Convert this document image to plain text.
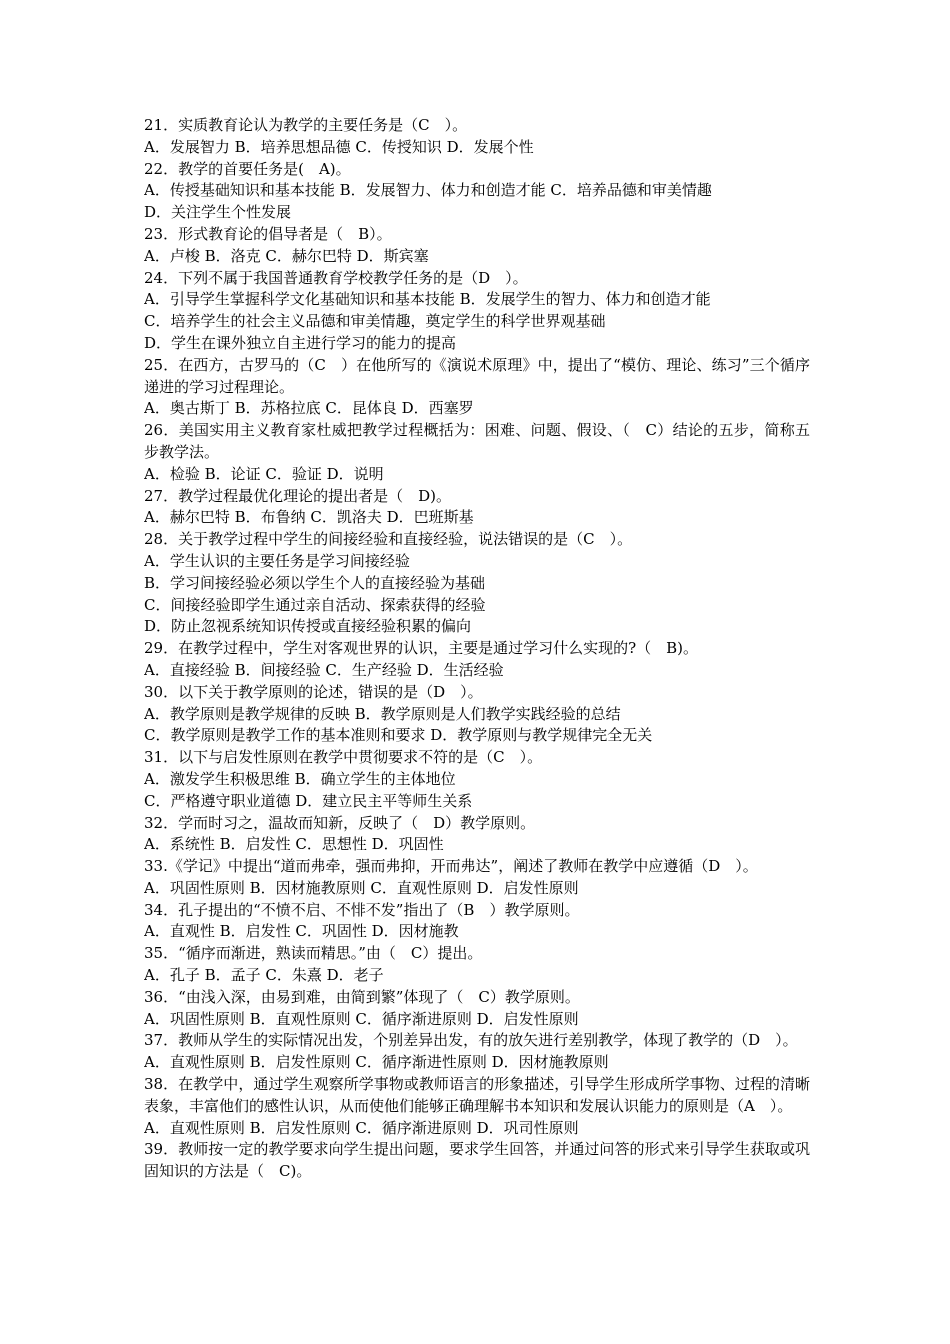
21．实质教育论认为教学的主要任务是（C　）。
A．发展智力 B．培养思想品德 C．传授知识 D．发展个性
22．教学的首要任务是(　A)。
A．传授基础知识和基本技能 B．发展智力、体力和创造才能 C．培养品德和审美情趣
D．关注学生个性发展
23．形式教育论的倡导者是（　B）。
A．卢梭 B．洛克 C．赫尔巴特 D．斯宾塞
24．下列不属于我国普通教育学校教学任务的是（D　）。
A．引导学生掌握科学文化基础知识和基本技能 B．发展学生的智力、体力和创造才能
C．培养学生的社会主义品德和审美情趣，奠定学生的科学世界观基础
D．学生在课外独立自主进行学习的能力的提高
25．在西方，古罗马的（C　）在他所写的《演说术原理》中，提出了“模仿、理论、练习”三个循序递进的学习过程理论。
A．奥古斯丁 B．苏格拉底 C．昆体良 D．西塞罗
26．美国实用主义教育家杜威把教学过程概括为：困难、问题、假设、（　C）结论的五步，简称五步教学法。
A．检验 B．论证 C．验证 D．说明
27．教学过程最优化理论的提出者是（　D)。
A．赫尔巴特 B．布鲁纳 C．凯洛夫 D．巴班斯基
28．关于教学过程中学生的间接经验和直接经验，说法错误的是（C　）。
A．学生认识的主要任务是学习间接经验
B．学习间接经验必须以学生个人的直接经验为基础
C．间接经验即学生通过亲自活动、探索获得的经验
D．防止忽视系统知识传授或直接经验积累的偏向
29．在教学过程中，学生对客观世界的认识，主要是通过学习什么实现的?（　B)。
A．直接经验 B．间接经验 C．生产经验 D．生活经验
30．以下关于教学原则的论述，错误的是（D　）。
A．教学原则是教学规律的反映 B．教学原则是人们教学实践经验的总结
C．教学原则是教学工作的基本准则和要求 D．教学原则与教学规律完全无关
31．以下与启发性原则在教学中贯彻要求不符的是（C　）。
A．激发学生积极思维 B．确立学生的主体地位
C．严格遵守职业道德 D．建立民主平等师生关系
32．学而时习之，温故而知新，反映了（　D）教学原则。
A．系统性 B．启发性 C．思想性 D．巩固性
33.《学记》中提出“道而弗牵，强而弗抑，开而弗达”，阐述了教师在教学中应遵循（D　）。
A．巩固性原则 B．因材施教原则 C．直观性原则 D．启发性原则
34．孔子提出的“不愤不启、不悱不发”指出了（B　）教学原则。
A．直观性 B．启发性 C．巩固性 D．因材施教
35．“循序而渐进，熟读而精思。”由（　C）提出。
A．孔子 B．孟子 C．朱熹 D．老子
36．“由浅入深，由易到难，由简到繁”体现了（　C）教学原则。
A．巩固性原则 B．直观性原则 C．循序渐进原则 D．启发性原则
37．教师从学生的实际情况出发，个别差异出发，有的放矢进行差别教学，体现了教学的（D　）。
A．直观性原则 B．启发性原则 C．循序渐进性原则 D．因材施教原则
38．在教学中，通过学生观察所学事物或教师语言的形象描述，引导学生形成所学事物、过程的清晰表象，丰富他们的感性认识，从而使他们能够正确理解书本知识和发展认识能力的原则是（A　）。
A．直观性原则 B．启发性原则 C．循序渐进原则 D．巩司性原则
39．教师按一定的教学要求向学生提出问题，要求学生回答，并通过问答的形式来引导学生获取或巩固知识的方法是（　C)。
